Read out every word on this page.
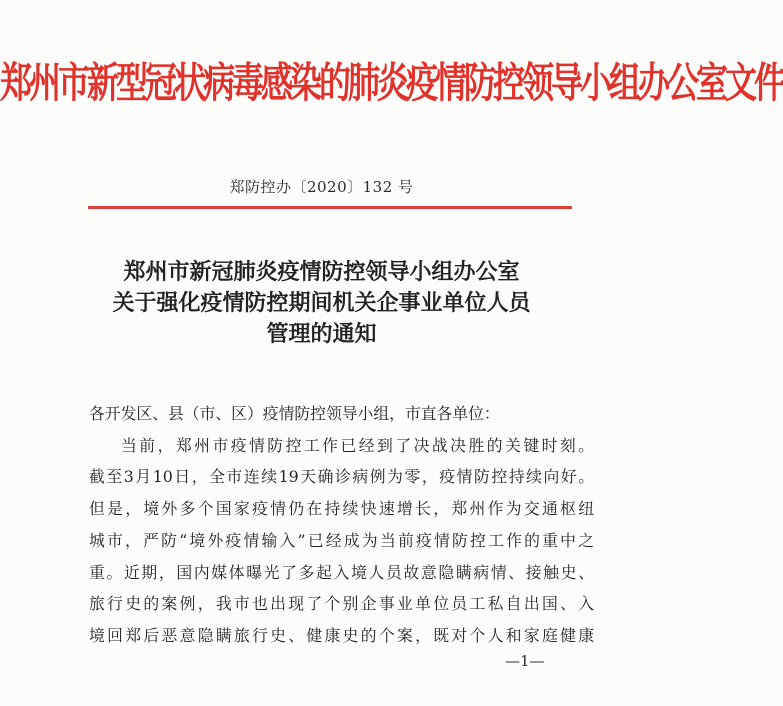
郑州市新型冠状病毒感染的肺炎疫情防控领导小组办公室文件
郑防控办〔2020〕132 号
郑州市新冠肺炎疫情防控领导小组办公室
关于强化疫情防控期间机关企事业单位人员
管理的通知
各开发区、县（市、区）疫情防控领导小组，市直各单位：
当前，郑州市疫情防控工作已经到了决战决胜的关键时刻。
截至3月10日，全市连续19天确诊病例为零，疫情防控持续向好。
但是，境外多个国家疫情仍在持续快速增长，郑州作为交通枢纽
城市，严防“境外疫情输入”已经成为当前疫情防控工作的重中之
重。近期，国内媒体曝光了多起入境人员故意隐瞒病情、接触史、
旅行史的案例，我市也出现了个别企事业单位员工私自出国、入
境回郑后恶意隐瞒旅行史、健康史的个案，既对个人和家庭健康
—1—
